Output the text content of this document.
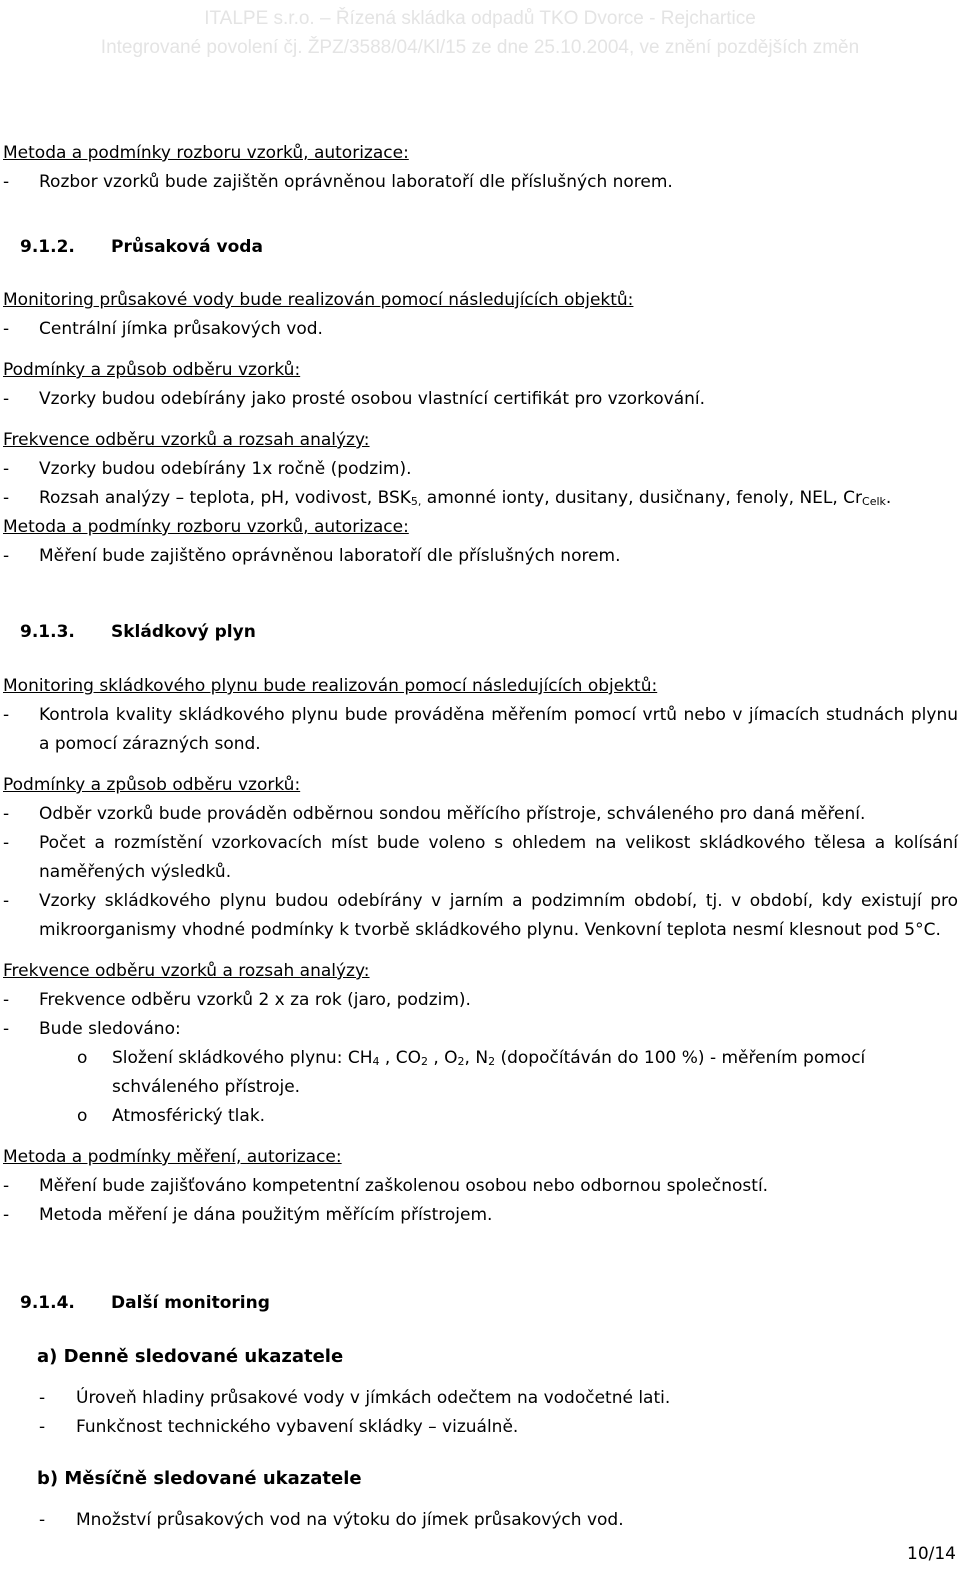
ITALPE s.r.o. – Řízená skládka odpadů TKO Dvorce - Rejchartice
Integrované povolení čj. ŽPZ/3588/04/Kl/15 ze dne 25.10.2004, ve znění pozdějších změn
Metoda a podmínky rozboru vzorků, autorizace:
- Rozbor vzorků bude zajištěn oprávněnou laboratoří dle příslušných norem.
9.1.2. Průsaková voda
Monitoring průsakové vody bude realizován pomocí následujících objektů:
- Centrální jímka průsakových vod.
Podmínky a způsob odběru vzorků:
- Vzorky budou odebírány jako prosté osobou vlastnící certifikát pro vzorkování.
Frekvence odběru vzorků a rozsah analýzy:
- Vzorky budou odebírány 1x ročně (podzim).
- Rozsah analýzy – teplota, pH, vodivost, $BSK_{5,}$ amonné ionty, dusitany, dusičnany, fenoly, NEL, $Cr_{Celk}$.
Metoda a podmínky rozboru vzorků, autorizace:
- Měření bude zajištěno oprávněnou laboratoří dle příslušných norem.
9.1.3. Skládkový plyn
Monitoring skládkového plynu bude realizován pomocí následujících objektů:
- Kontrola kvality skládkového plynu bude prováděna měřením pomocí vrtů nebo v jímacích studnách plynu a pomocí zárazných sond.
Podmínky a způsob odběru vzorků:
- Odběr vzorků bude prováděn odběrnou sondou měřícího přístroje, schváleného pro daná měření.
- Počet a rozmístění vzorkovacích míst bude voleno s ohledem na velikost skládkového tělesa a kolísání naměřených výsledků.
- Vzorky skládkového plynu budou odebírány v jarním a podzimním období, tj. v období, kdy existují pro mikroorganismy vhodné podmínky k tvorbě skládkového plynu. Venkovní teplota nesmí klesnout pod 5°C.
Frekvence odběru vzorků a rozsah analýzy:
- Frekvence odběru vzorků 2 x za rok (jaro, podzim).
- Bude sledováno:
o Složení skládkového plynu: $CH_4$ , $CO_2$ , $O_2$, $N_2$ (dopočítáván do 100 %) - měřením pomocí schváleného přístroje.
o Atmosférický tlak.
Metoda a podmínky měření, autorizace:
- Měření bude zajišťováno kompetentní zaškolenou osobou nebo odbornou společností.
- Metoda měření je dána použitým měřícím přístrojem.
9.1.4. Další monitoring
a) Denně sledované ukazatele
- Úroveň hladiny průsakové vody v jímkách odečtem na vodočetné lati.
- Funkčnost technického vybavení skládky – vizuálně.
b) Měsíčně sledované ukazatele
- Množství průsakových vod na výtoku do jímek průsakových vod.
10/14
